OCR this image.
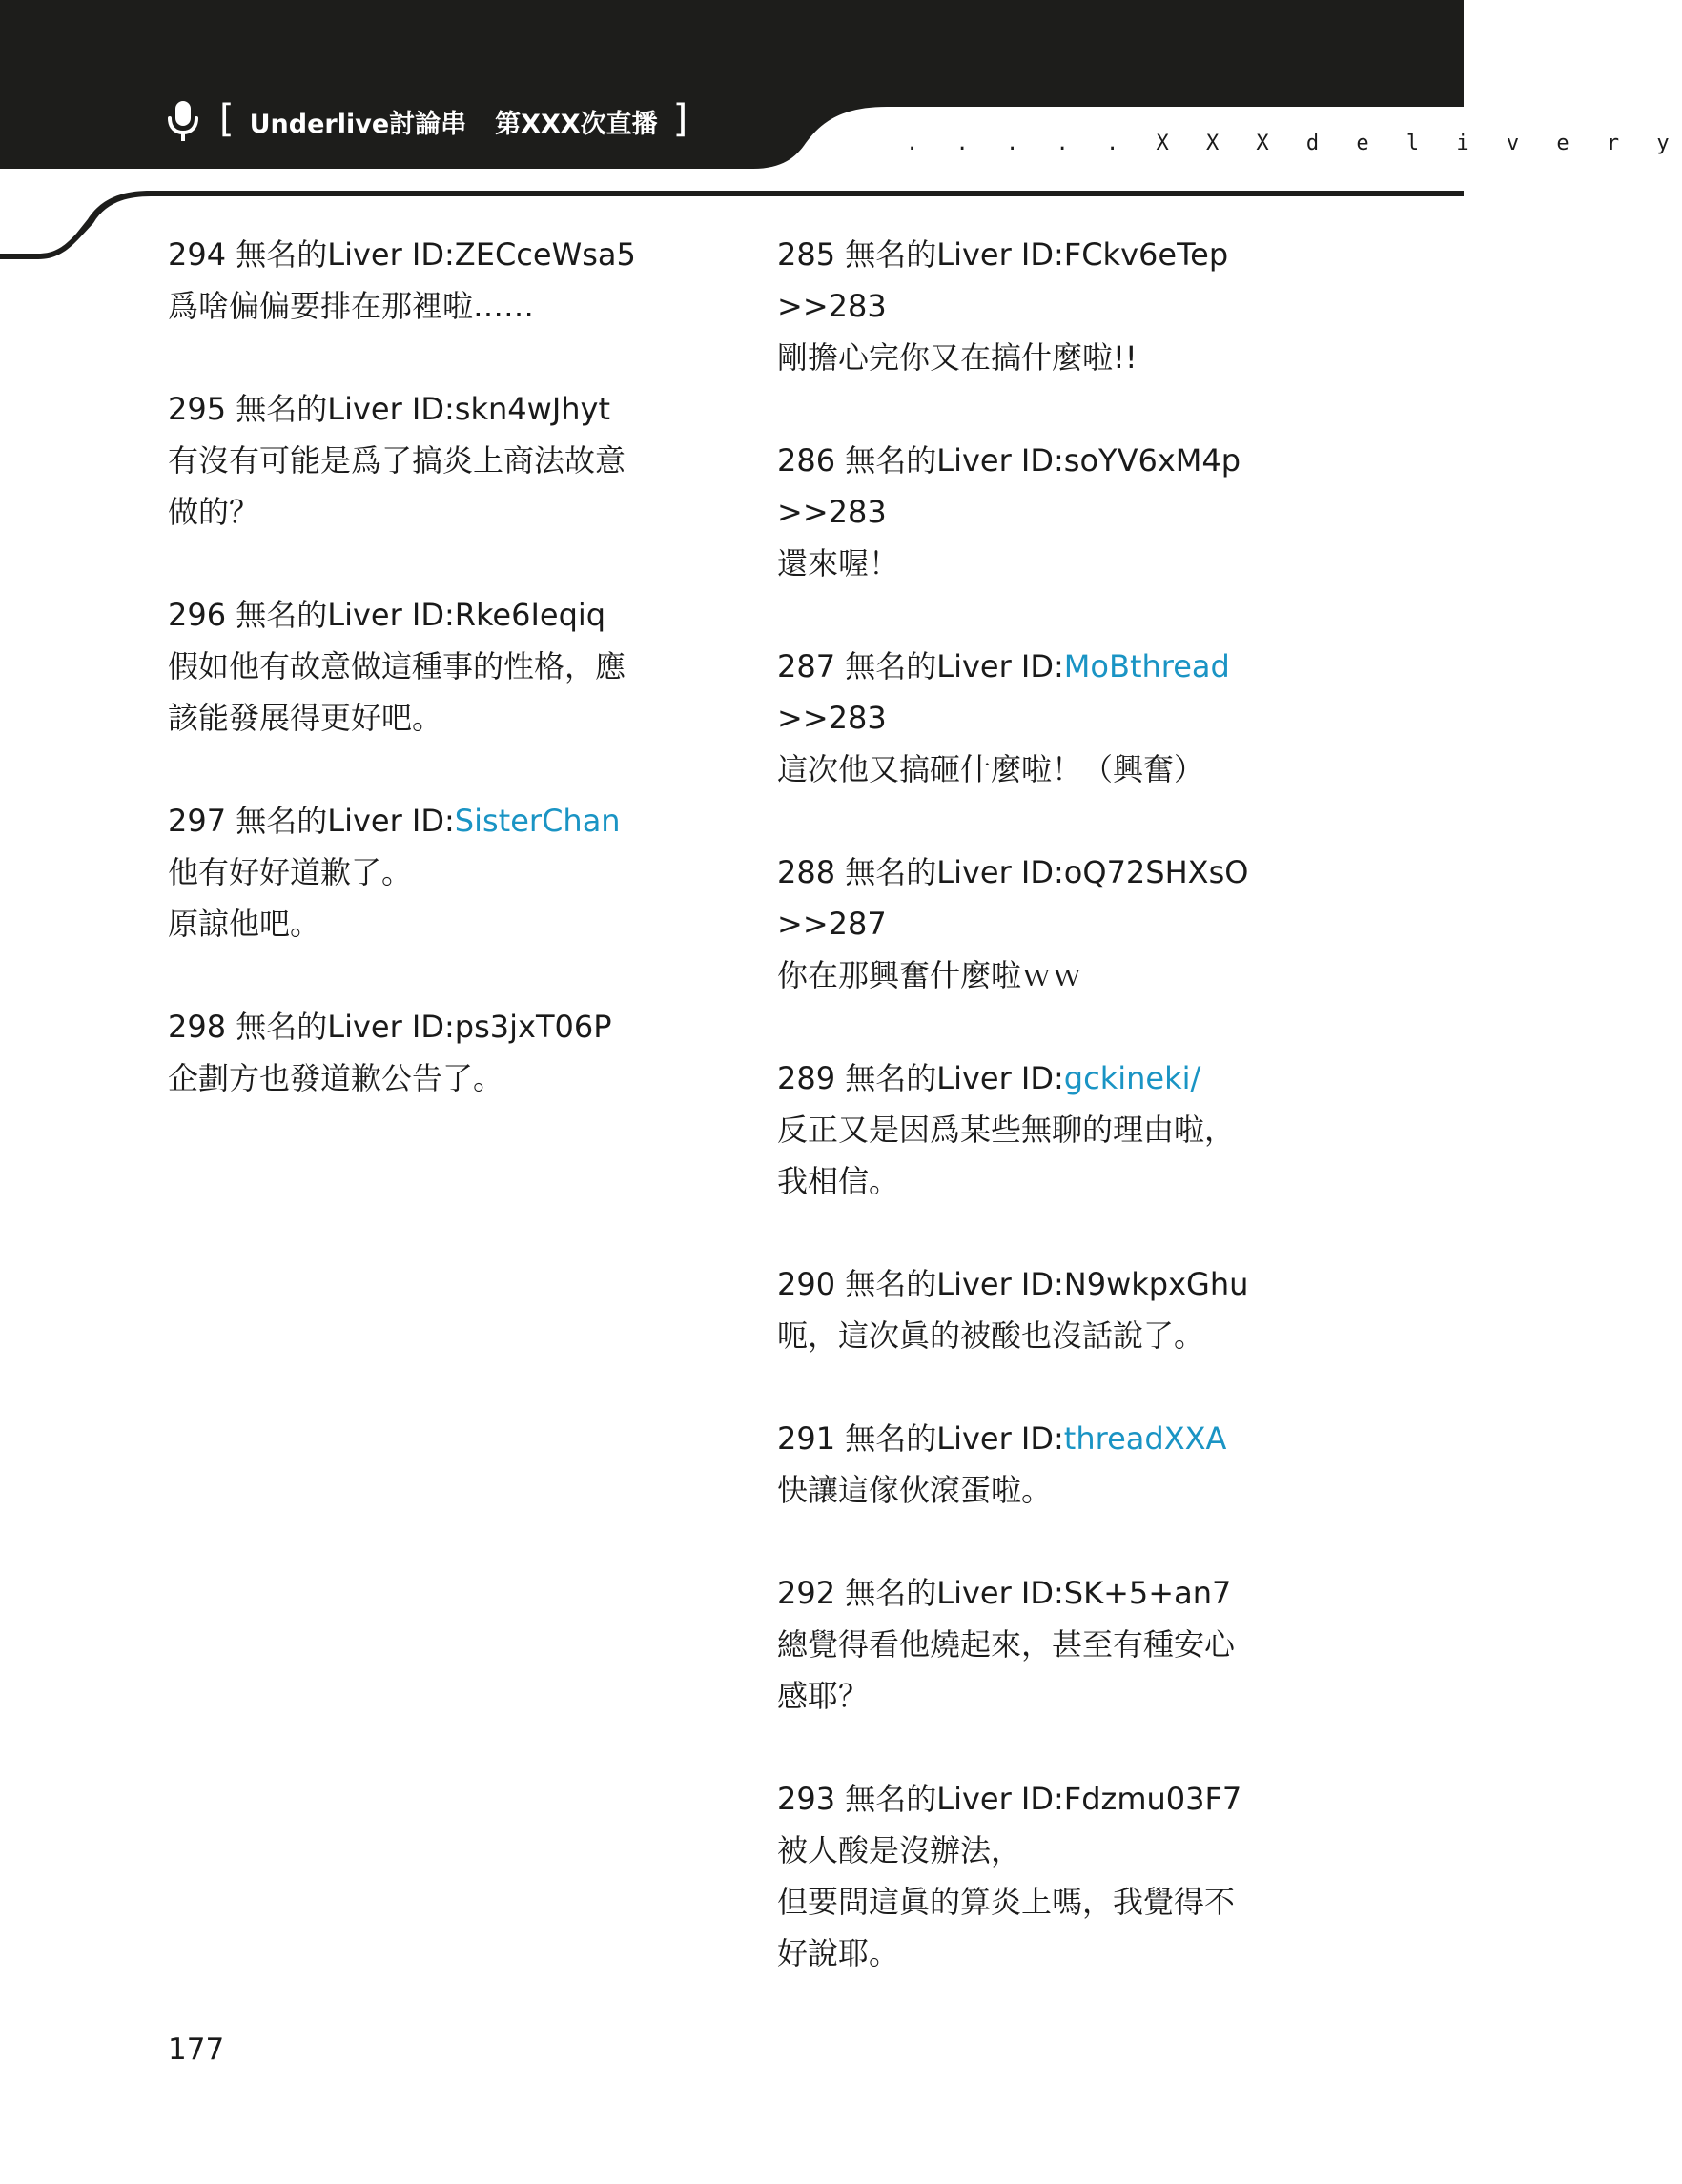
[ Underlive討論串 第XXX次直播 ]
. . . . . X X X d e l i v e r y
294 無名的Liver ID:ZECceWsa5
爲啥偏偏要排在那裡啦……
295 無名的Liver ID:skn4wJhyt
有沒有可能是爲了搞炎上商法故意
做的？
296 無名的Liver ID:Rke6Ieqiq
假如他有故意做這種事的性格，應
該能發展得更好吧。
297 無名的Liver ID:SisterChan
他有好好道歉了。
原諒他吧。
298 無名的Liver ID:ps3jxT06P
企劃方也發道歉公告了。
285 無名的Liver ID:FCkv6eTep
>>283
剛擔心完你又在搞什麼啦!!
286 無名的Liver ID:soYV6xM4p
>>283
還來喔！
287 無名的Liver ID:MoBthread
>>283
這次他又搞砸什麼啦！（興奮）
288 無名的Liver ID:oQ72SHXsO
>>287
你在那興奮什麼啦ｗｗ
289 無名的Liver ID:gckineki/
反正又是因爲某些無聊的理由啦，
我相信。
290 無名的Liver ID:N9wkpxGhu
呃，這次眞的被酸也沒話說了。
291 無名的Liver ID:threadXXA
快讓這傢伙滾蛋啦。
292 無名的Liver ID:SK+5+an7
總覺得看他燒起來，甚至有種安心
感耶？
293 無名的Liver ID:Fdzmu03F7
被人酸是沒辦法，
但要問這眞的算炎上嗎，我覺得不
好說耶。
177
